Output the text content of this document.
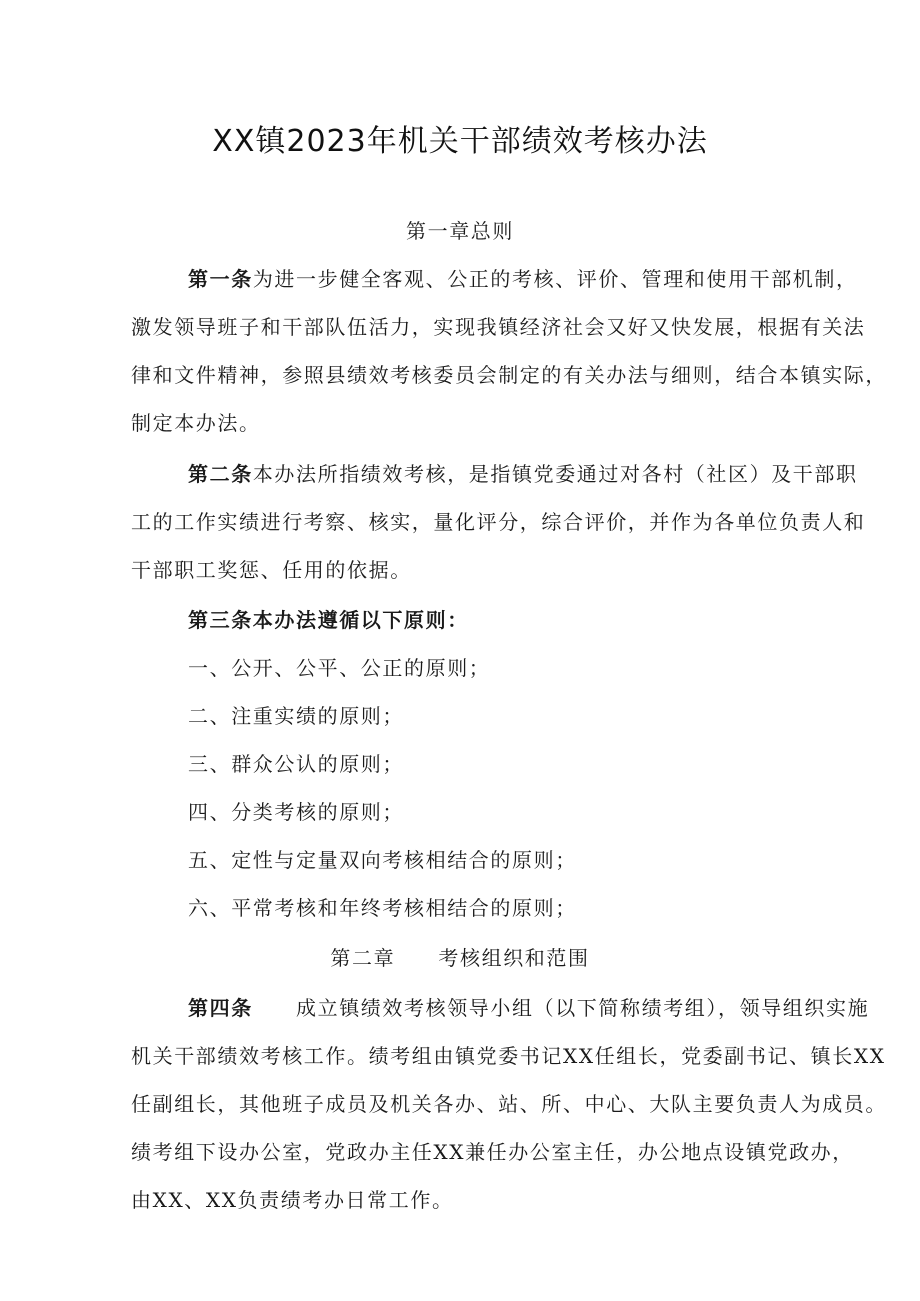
XX镇2023年机关干部绩效考核办法
第一章总则
第一条为进一步健全客观、公正的考核、评价、管理和使用干部机制，
激发领导班子和干部队伍活力，实现我镇经济社会又好又快发展，根据有关法
律和文件精神，参照县绩效考核委员会制定的有关办法与细则，结合本镇实际，
制定本办法。
第二条本办法所指绩效考核，是指镇党委通过对各村（社区）及干部职
工的工作实绩进行考察、核实，量化评分，综合评价，并作为各单位负责人和
干部职工奖惩、任用的依据。
第三条本办法遵循以下原则：
一、公开、公平、公正的原则；
二、注重实绩的原则；
三、群众公认的原则；
四、分类考核的原则；
五、定性与定量双向考核相结合的原则；
六、平常考核和年终考核相结合的原则；
第二章　　考核组织和范围
第四条　　成立镇绩效考核领导小组（以下简称绩考组），领导组织实施
机关干部绩效考核工作。绩考组由镇党委书记XX任组长，党委副书记、镇长XX
任副组长，其他班子成员及机关各办、站、所、中心、大队主要负责人为成员。
绩考组下设办公室，党政办主任XX兼任办公室主任，办公地点设镇党政办，
由XX、XX负责绩考办日常工作。
